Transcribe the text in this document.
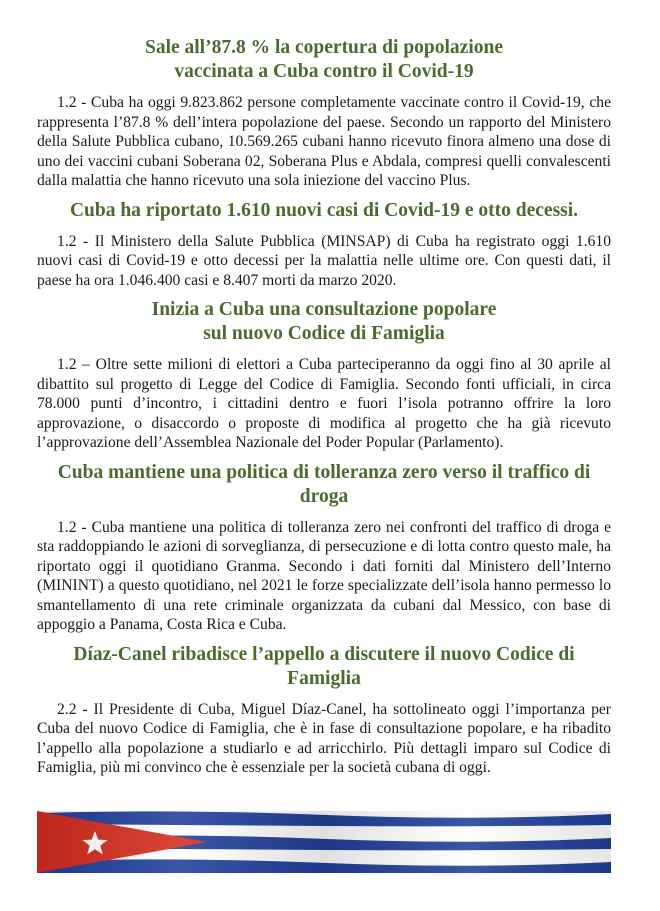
Sale all’87.8 % la copertura di popolazione
vaccinata a Cuba contro il Covid-19

1.2 - Cuba ha oggi 9.823.862 persone completamente vaccinate contro il Covid-19, che rappresenta l’87.8 % dell’intera popolazione del paese. Secondo un rapporto del Ministero della Salute Pubblica cubano, 10.569.265 cubani hanno ricevuto finora almeno una dose di uno dei vaccini cubani Soberana 02, Soberana Plus e Abdala, compresi quelli convalescenti dalla malattia che hanno ricevuto una sola iniezione del vaccino Plus.

Cuba ha riportato 1.610 nuovi casi di Covid-19 e otto decessi.

1.2 - Il Ministero della Salute Pubblica (MINSAP) di Cuba ha registrato oggi 1.610 nuovi casi di Covid-19 e otto decessi per la malattia nelle ultime ore. Con questi dati, il paese ha ora 1.046.400 casi e 8.407 morti da marzo 2020.

Inizia a Cuba una consultazione popolare
sul nuovo Codice di Famiglia

1.2 – Oltre sette milioni di elettori a Cuba parteciperanno da oggi fino al 30 aprile al dibattito sul progetto di Legge del Codice di Famiglia. Secondo fonti ufficiali, in circa 78.000 punti d’incontro, i cittadini dentro e fuori l’isola potranno offrire la loro approvazione, o disaccordo o proposte di modifica al progetto che ha già ricevuto l’approvazione dell’Assemblea Nazionale del Poder Popular (Parlamento).

Cuba mantiene una politica di tolleranza zero verso il traffico di droga

1.2 - Cuba mantiene una politica di tolleranza zero nei confronti del traffico di droga e sta raddoppiando le azioni di sorveglianza, di persecuzione e di lotta contro questo male, ha riportato oggi il quotidiano Granma. Secondo i dati forniti dal Ministero dell’Interno (MININT) a questo quotidiano, nel 2021 le forze specializzate dell’isola hanno permesso lo smantellamento di una rete criminale organizzata da cubani dal Messico, con base di appoggio a Panama, Costa Rica e Cuba.

Díaz-Canel ribadisce l’appello a discutere il nuovo Codice di Famiglia

2.2 - Il Presidente di Cuba, Miguel Díaz-Canel, ha sottolineato oggi l’importanza per Cuba del nuovo Codice di Famiglia, che è in fase di consultazione popolare, e ha ribadito l’appello alla popolazione a studiarlo e ad arricchirlo. Più dettagli imparo sul Codice di Famiglia, più mi convinco che è essenziale per la società cubana di oggi.
